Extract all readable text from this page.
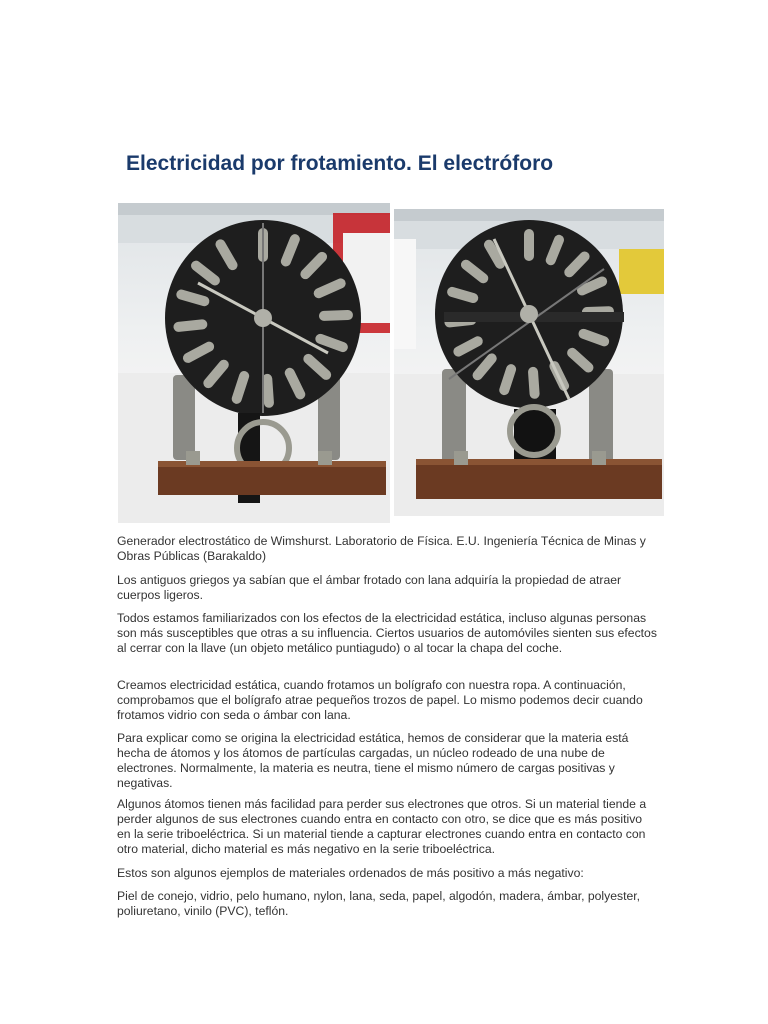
Electricidad por frotamiento. El electróforo

Generador electrostático de Wimshurst. Laboratorio de Física. E.U. Ingeniería Técnica de Minas y Obras Públicas (Barakaldo)

Los antiguos griegos ya sabían que el ámbar frotado con lana adquiría la propiedad de atraer cuerpos ligeros.

Todos estamos familiarizados con los efectos de la electricidad estática, incluso algunas personas son más susceptibles que otras a su influencia. Ciertos usuarios de automóviles sienten sus efectos al cerrar con la llave (un objeto metálico puntiagudo) o al tocar la chapa del coche.

Creamos electricidad estática, cuando frotamos un bolígrafo con nuestra ropa. A continuación, comprobamos que el bolígrafo atrae pequeños trozos de papel. Lo mismo podemos decir cuando frotamos vidrio con seda o ámbar con lana.

Para explicar como se origina la electricidad estática, hemos de considerar que la materia está hecha de átomos y los átomos de partículas cargadas, un núcleo rodeado de una nube de electrones. Normalmente, la materia es neutra, tiene el mismo número de cargas positivas y negativas.

Algunos átomos tienen más facilidad para perder sus electrones que otros. Si un material tiende a perder algunos de sus electrones cuando entra en contacto con otro, se dice que es más positivo en la serie triboeléctrica. Si un material tiende a capturar electrones cuando entra en contacto con otro material, dicho material es más negativo en la serie triboeléctrica.

Estos son algunos ejemplos de materiales ordenados de más positivo a más negativo:

Piel de conejo, vidrio, pelo humano, nylon, lana, seda, papel, algodón, madera, ámbar, polyester, poliuretano, vinilo (PVC), teflón.
